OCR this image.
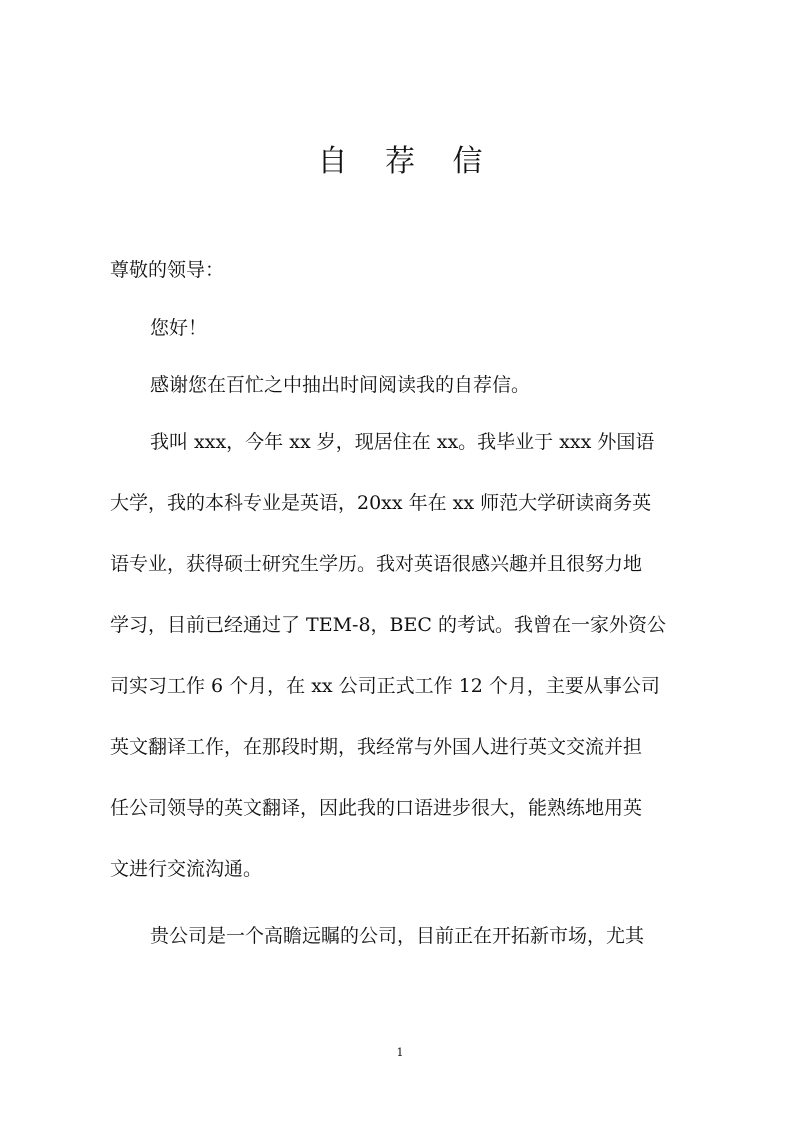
自 荐 信
尊敬的领导：
您好！
感谢您在百忙之中抽出时间阅读我的自荐信。
我叫 xxx，今年 xx 岁，现居住在 xx。我毕业于 xxx 外国语
大学，我的本科专业是英语，20xx 年在 xx 师范大学研读商务英
语专业，获得硕士研究生学历。我对英语很感兴趣并且很努力地
学习，目前已经通过了 TEM-8，BEC 的考试。我曾在一家外资公
司实习工作 6 个月，在 xx 公司正式工作 12 个月，主要从事公司
英文翻译工作，在那段时期，我经常与外国人进行英文交流并担
任公司领导的英文翻译，因此我的口语进步很大，能熟练地用英
文进行交流沟通。
贵公司是一个高瞻远瞩的公司，目前正在开拓新市场，尤其
1
